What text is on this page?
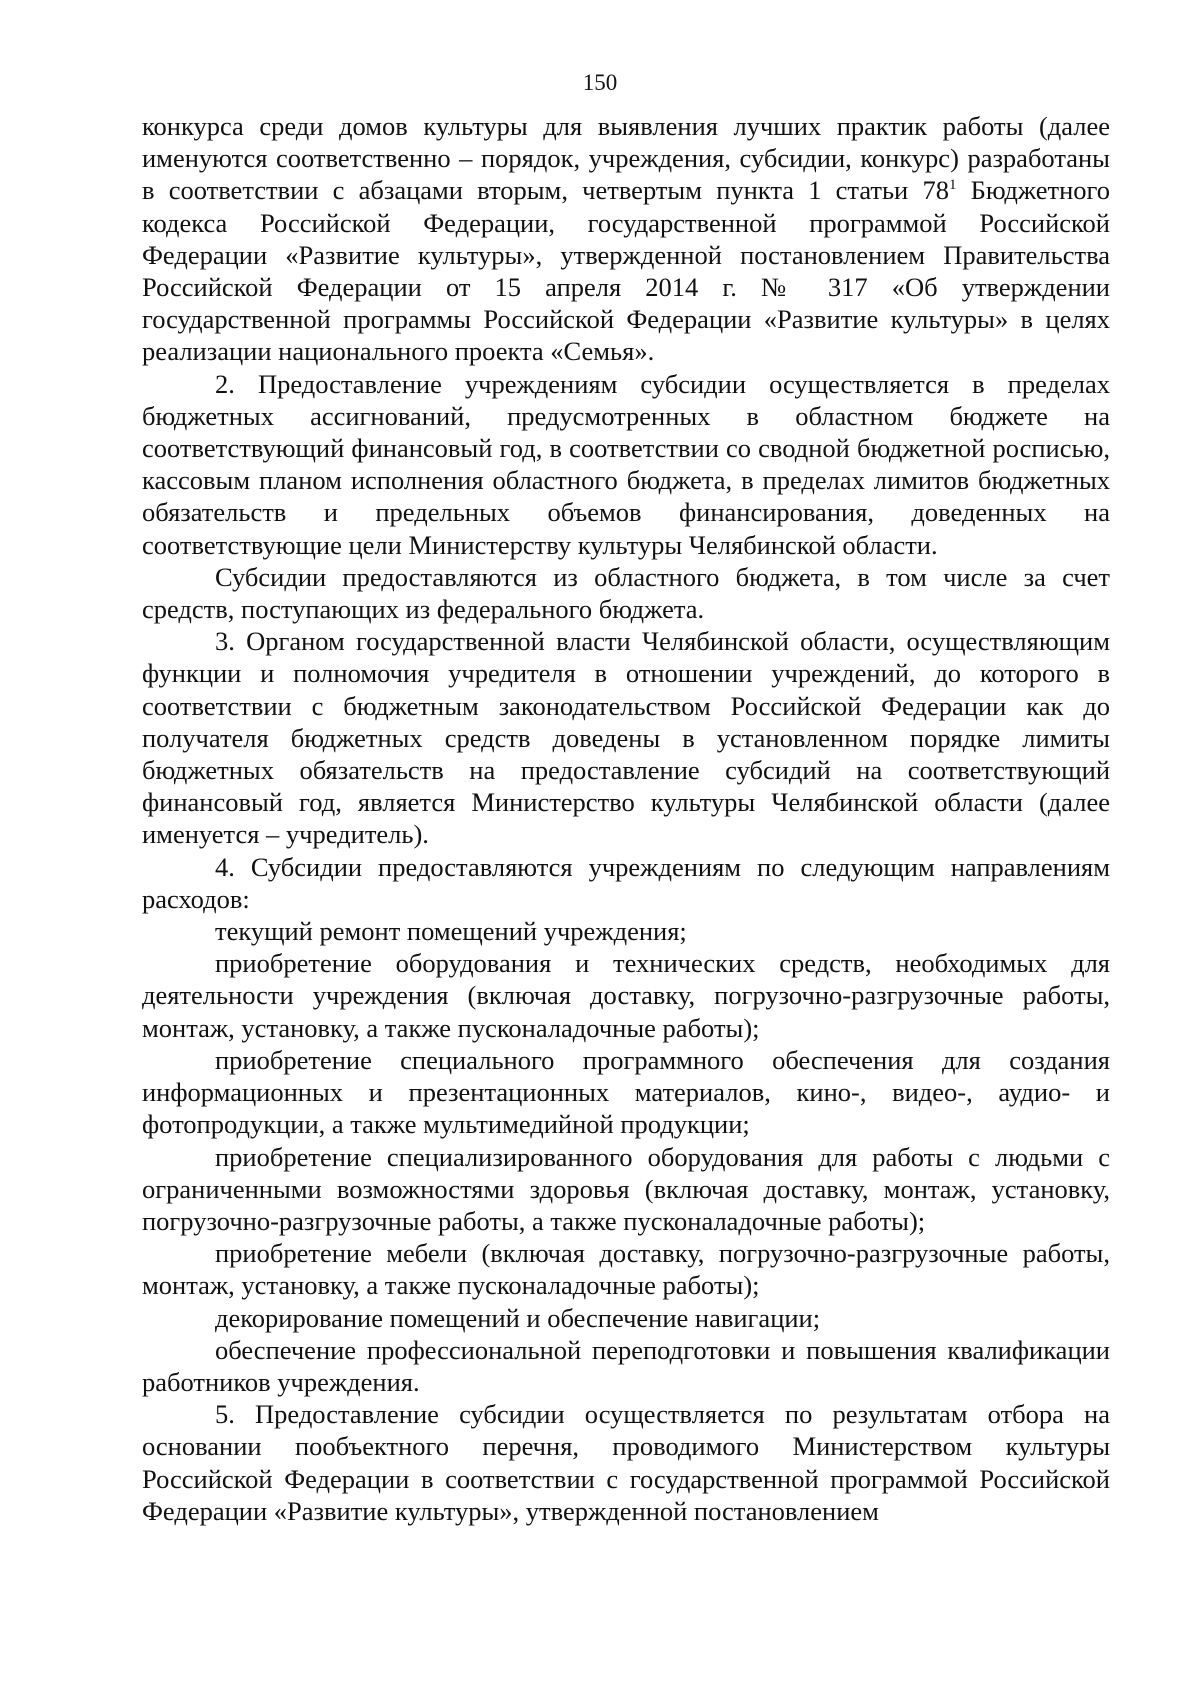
150

конкурса среди домов культуры для выявления лучших практик работы (далее именуются соответственно – порядок, учреждения, субсидии, конкурс) разработаны в соответствии с абзацами вторым, четвертым пункта 1 статьи $78^1$ Бюджетного кодекса Российской Федерации, государственной программой Российской Федерации «Развитие культуры», утвержденной постановлением Правительства Российской Федерации от 15 апреля 2014 г. № 317 «Об утверждении государственной программы Российской Федерации «Развитие культуры» в целях реализации национального проекта «Семья».

2. Предоставление учреждениям субсидии осуществляется в пределах бюджетных ассигнований, предусмотренных в областном бюджете на соответствующий финансовый год, в соответствии со сводной бюджетной росписью, кассовым планом исполнения областного бюджета, в пределах лимитов бюджетных обязательств и предельных объемов финансирования, доведенных на соответствующие цели Министерству культуры Челябинской области.

Субсидии предоставляются из областного бюджета, в том числе за счет средств, поступающих из федерального бюджета.

3. Органом государственной власти Челябинской области, осуществляющим функции и полномочия учредителя в отношении учреждений, до которого в соответствии с бюджетным законодательством Российской Федерации как до получателя бюджетных средств доведены в установленном порядке лимиты бюджетных обязательств на предоставление субсидий на соответствующий финансовый год, является Министерство культуры Челябинской области (далее именуется – учредитель).

4. Субсидии предоставляются учреждениям по следующим направлениям расходов:

текущий ремонт помещений учреждения;

приобретение оборудования и технических средств, необходимых для деятельности учреждения (включая доставку, погрузочно-разгрузочные работы, монтаж, установку, а также пусконаладочные работы);

приобретение специального программного обеспечения для создания информационных и презентационных материалов, кино-, видео-, аудио- и фотопродукции, а также мультимедийной продукции;

приобретение специализированного оборудования для работы с людьми с ограниченными возможностями здоровья (включая доставку, монтаж, установку, погрузочно-разгрузочные работы, а также пусконаладочные работы);

приобретение мебели (включая доставку, погрузочно-разгрузочные работы, монтаж, установку, а также пусконаладочные работы);

декорирование помещений и обеспечение навигации;

обеспечение профессиональной переподготовки и повышения квалификации работников учреждения.

5. Предоставление субсидии осуществляется по результатам отбора на основании пообъектного перечня, проводимого Министерством культуры Российской Федерации в соответствии с государственной программой Российской Федерации «Развитие культуры», утвержденной постановлением
